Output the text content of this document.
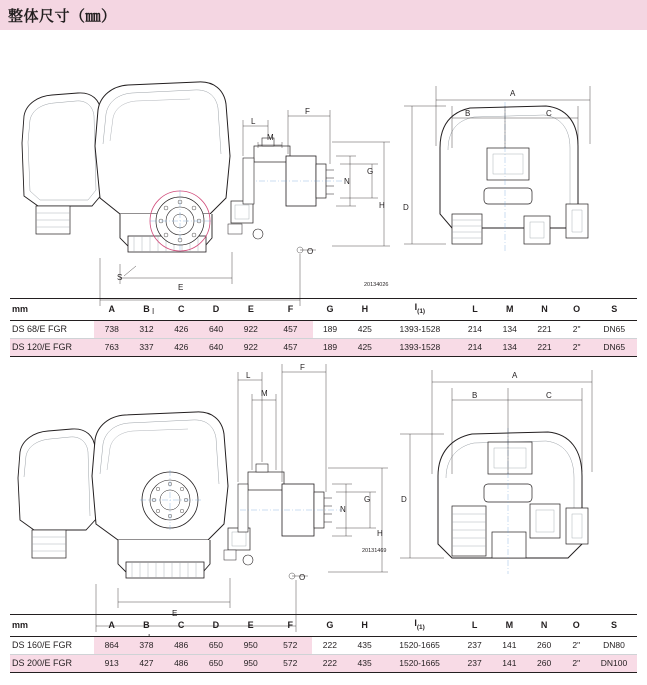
整体尺寸（㎜）
L
F
M
G
N
H
O
S
E
I
A
B	C
D
20134026
mm	A	B	C	D	E	F	G	H	$I_{(1)}$	L	M	N	O	S
DS 68/E FGR	738	312	426	640	922	457	189	425	1393-1528	214	134	221	2"	DN65
DS 120/E FGR	763	337	426	640	922	457	189	425	1393-1528	214	134	221	2"	DN65
L
F
M
G
N
H
O
E
A
B	C
D
20131469
mm	A	B	C	D	E	F	G	H	$I_{(1)}$	L	M	N	O	S
DS 160/E FGR	864	378	486	650	950	572	222	435	1520-1665	237	141	260	2"	DN80
DS 200/E FGR	913	427	486	650	950	572	222	435	1520-1665	237	141	260	2"	DN100
